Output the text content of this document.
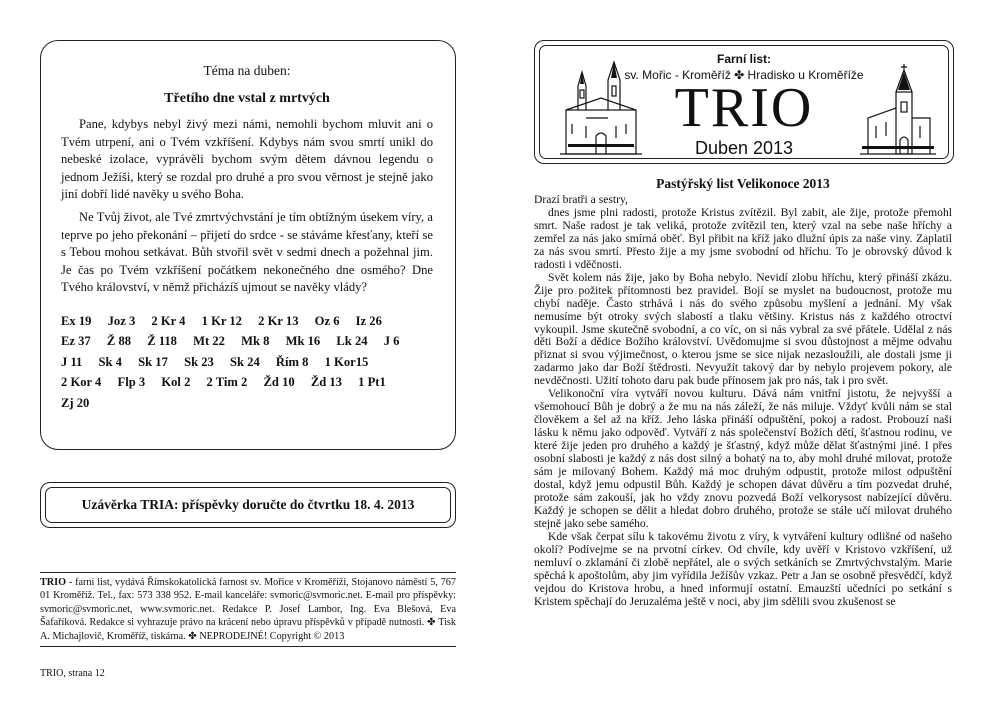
Téma na duben:
Třetího dne vstal z mrtvých

Pane, kdybys nebyl živý mezi námi, nemohli bychom mluvit ani o Tvém utrpení, ani o Tvém vzkříšení. Kdybys nám svou smrtí unikl do nebeské izolace, vyprávěli bychom svým dětem dávnou legendu o jednom Ježíši, který se rozdal pro druhé a pro svou věrnost je stejně jako jiní dobří lidé navěky u svého Boha.

Ne Tvůj život, ale Tvé zmrtvýchvstání je tím obtížným úsekem víry, a teprve po jeho překonání – přijetí do srdce - se stáváme křesťany, kteří se s Tebou mohou setkávat. Bůh stvořil svět v sedmi dnech a požehnal jim. Je čas po Tvém vzkříšení počátkem nekonečného dne osmého? Dne Tvého království, v němž přicházíš ujmout se navěky vlády?

Ex 19 Joz 3 2 Kr 4 1 Kr 12 2 Kr 13 Oz 6 Iz 26 Ez 37 Ž 88 Ž 118 Mt 22 Mk 8 Mk 16 Lk 24 J 6 J 11 Sk 4 Sk 17 Sk 23 Sk 24 Řím 8 1 Kor15 2 Kor 4 Flp 3 Kol 2 2 Tim 2 Žd 10 Žd 13 1 Pt1 Zj 20
Uzávěrka TRIA: příspěvky doručte do čtvrtku 18. 4. 2013
TRIO - farní list, vydává Římskokatolická farnost sv. Mořice v Kroměříži, Stojanovo náměstí 5, 767 01 Kroměříž. Tel., fax: 573 338 952. E-mail kanceláře: svmoric@svmoric.net. E-mail pro příspěvky: svmoric@svmoric.net, www.svmoric.net. Redakce P. Josef Lambor, Ing. Eva Blešová, Eva Šafaříková. Redakce si vyhrazuje právo na krácení nebo úpravu příspěvků v případě nutnosti. ✤ Tisk A. Michajlovič, Kroměříž, tiskárna. ✤ NEPRODEJNÉ! Copyright © 2013
TRIO, strana 12
Farní list:
sv. Mořic - Kroměříž ✤ Hradisko u Kroměříže
TRIO
Duben 2013
Pastýřský list Velikonoce 2013

Drazí bratři a sestry,

dnes jsme plni radosti, protože Kristus zvítězil. Byl zabit, ale žije, protože přemohl smrt. Naše radost je tak veliká, protože zvítězil ten, který vzal na sebe naše hříchy a zemřel za nás jako smírná oběť. Byl přibit na kříž jako dlužní úpis za naše viny. Zaplatil za nás svou smrtí. Přesto žije a my jsme svobodní od hříchu. To je obrovský důvod k radosti i vděčnosti.

Svět kolem nás žije, jako by Boha nebylo. Nevidí zlobu hříchu, který přináší zkázu. Žije pro požitek přítomnosti bez pravidel. Bojí se myslet na budoucnost, protože mu chybí naděje. Často strhává i nás do svého způsobu myšlení a jednání. My však nemusíme být otroky svých slabostí a tlaku většiny. Kristus nás z každého otroctví vykoupil. Jsme skutečně svobodní, a co víc, on si nás vybral za své přátele. Udělal z nás děti Boží a dědice Božího království. Uvědomujme si svou důstojnost a mějme odvahu přiznat si svou výjimečnost, o kterou jsme se sice nijak nezasloužili, ale dostali jsme ji zadarmo jako dar Boží štědrosti. Nevyužít takový dar by nebylo projevem pokory, ale nevděčnosti. Užití tohoto daru pak bude přínosem jak pro nás, tak i pro svět.

Velikonoční víra vytváří novou kulturu. Dává nám vnitřní jistotu, že nejvyšší a všemohoucí Bůh je dobrý a že mu na nás záleží, že nás miluje. Vždyť kvůli nám se stal člověkem a šel až na kříž. Jeho láska přináší odpuštění, pokoj a radost. Probouzí naši lásku k němu jako odpověď. Vytváří z nás společenství Božích dětí, šťastnou rodinu, ve které žije jeden pro druhého a každý je šťastný, když může dělat šťastnými jiné. I přes osobní slabosti je každý z nás dost silný a bohatý na to, aby mohl druhé milovat, protože sám je milovaný Bohem. Každý má moc druhým odpustit, protože milost odpuštění dostal, když jemu odpustil Bůh. Každý je schopen dávat důvěru a tím pozvedat druhé, protože sám zakouší, jak ho vždy znovu pozvedá Boží velkorysost nabízející důvěru. Každý je schopen se dělit a hledat dobro druhého, protože se stále učí milovat druhého stejně jako sebe samého.

Kde však čerpat sílu k takovému životu z víry, k vytváření kultury odlišné od našeho okolí? Podívejme se na prvotní církev. Od chvíle, kdy uvěří v Kristovo vzkříšení, už nemluví o zklamání či zlobě nepřátel, ale o svých setkáních se Zmrtvýchvstalým. Marie spěchá k apoštolům, aby jim vyřídila Ježíšův vzkaz. Petr a Jan se osobně přesvědčí, když vejdou do Kristova hrobu, a hned informují ostatní. Emauzští učedníci po setkání s Kristem spěchají do Jeruzaléma ještě v noci, aby jim sdělili svou zkušenost se
